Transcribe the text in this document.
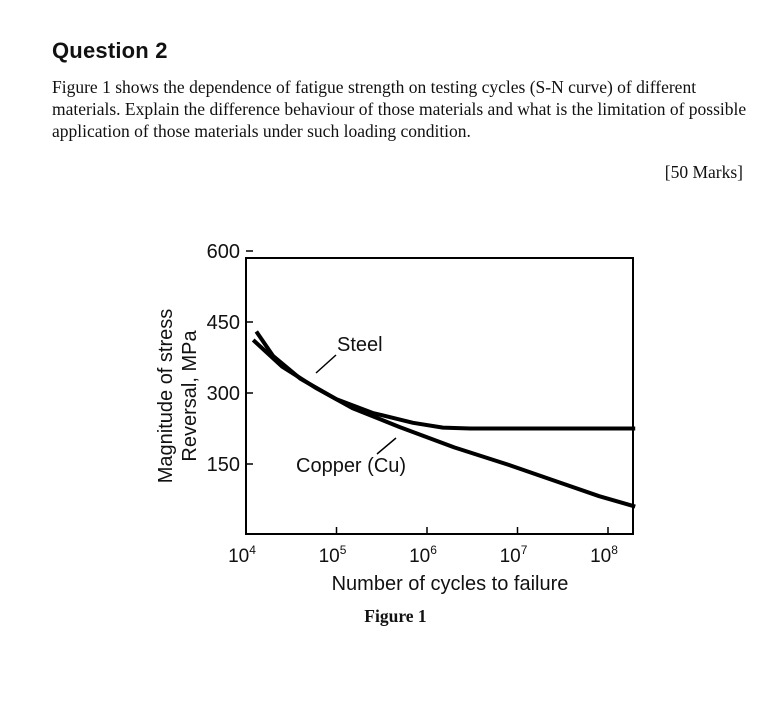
Question 2
Figure 1 shows the dependence of fatigue strength on testing cycles (S-N curve) of different materials. Explain the difference behaviour of those materials and what is the limitation of possible application of those materials under such loading condition.
[50 Marks]
150
300
450
600
$10^4$	$10^5$	$10^6$	$10^7$	$10^8$
Number of cycles to failure
Magnitude of stress Reversal, MPa	Steel
Copper (Cu)
Figure 1
